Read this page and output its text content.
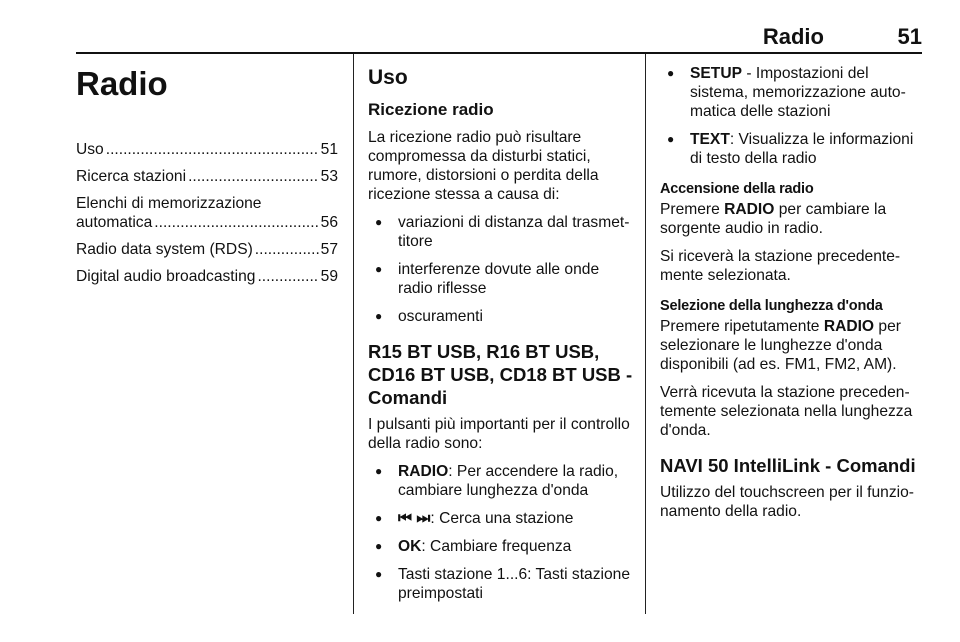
Radio	51
Radio
Uso .....	51
Ricerca stazioni .....	53
Elenchi di memorizzazione
automatica .....	56
Radio data system (RDS) .....	57
Digital audio broadcasting .....	59
Uso
Ricezione radio

La ricezione radio può risultare compromessa da disturbi statici, rumore, distorsioni o perdita della ricezione stessa a causa di:

● variazioni di distanza dal trasmet-titore
● interferenze dovute alle onde radio riflesse
● oscuramenti
R15 BT USB, R16 BT USB, CD16 BT USB, CD18 BT USB - Comandi

I pulsanti più importanti per il controllo della radio sono:

● RADIO: Per accendere la radio, cambiare lunghezza d'onda
● ⏮ ⏭: Cerca una stazione
● OK: Cambiare frequenza
● Tasti stazione 1...6: Tasti stazione preimpostati
● SETUP - Impostazioni del sistema, memorizzazione auto-matica delle stazioni
● TEXT: Visualizza le informazioni di testo della radio
Accensione della radio

Premere RADIO per cambiare la sorgente audio in radio.

Si riceverà la stazione precedente-mente selezionata.

Selezione della lunghezza d'onda

Premere ripetutamente RADIO per selezionare le lunghezze d'onda disponibili (ad es. FM1, FM2, AM).

Verrà ricevuta la stazione preceden-temente selezionata nella lunghezza d'onda.

NAVI 50 IntelliLink - Comandi

Utilizzo del touchscreen per il funzio-namento della radio.
